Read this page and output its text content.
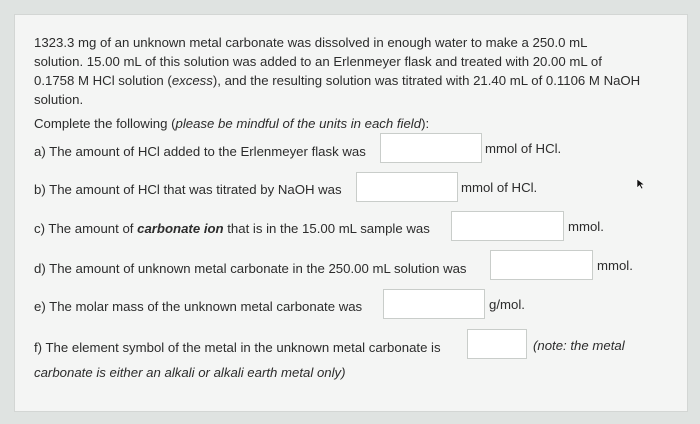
1323.3 mg of an unknown metal carbonate was dissolved in enough water to make a 250.0 mL
solution. 15.00 mL of this solution was added to an Erlenmeyer flask and treated with 20.00 mL of
0.1758 M HCl solution (excess), and the resulting solution was titrated with 21.40 mL of 0.1106 M NaOH
solution.
Complete the following (please be mindful of the units in each field):
a) The amount of HCl added to the Erlenmeyer flask was	mmol of HCl.
b) The amount of HCl that was titrated by NaOH was	mmol of HCl.
c) The amount of carbonate ion that is in the 15.00 mL sample was	mmol.
d) The amount of unknown metal carbonate in the 250.00 mL solution was	mmol.
e) The molar mass of the unknown metal carbonate was	g/mol.
f) The element symbol of the metal in the unknown metal carbonate is	(note: the metal
carbonate is either an alkali or alkali earth metal only)
